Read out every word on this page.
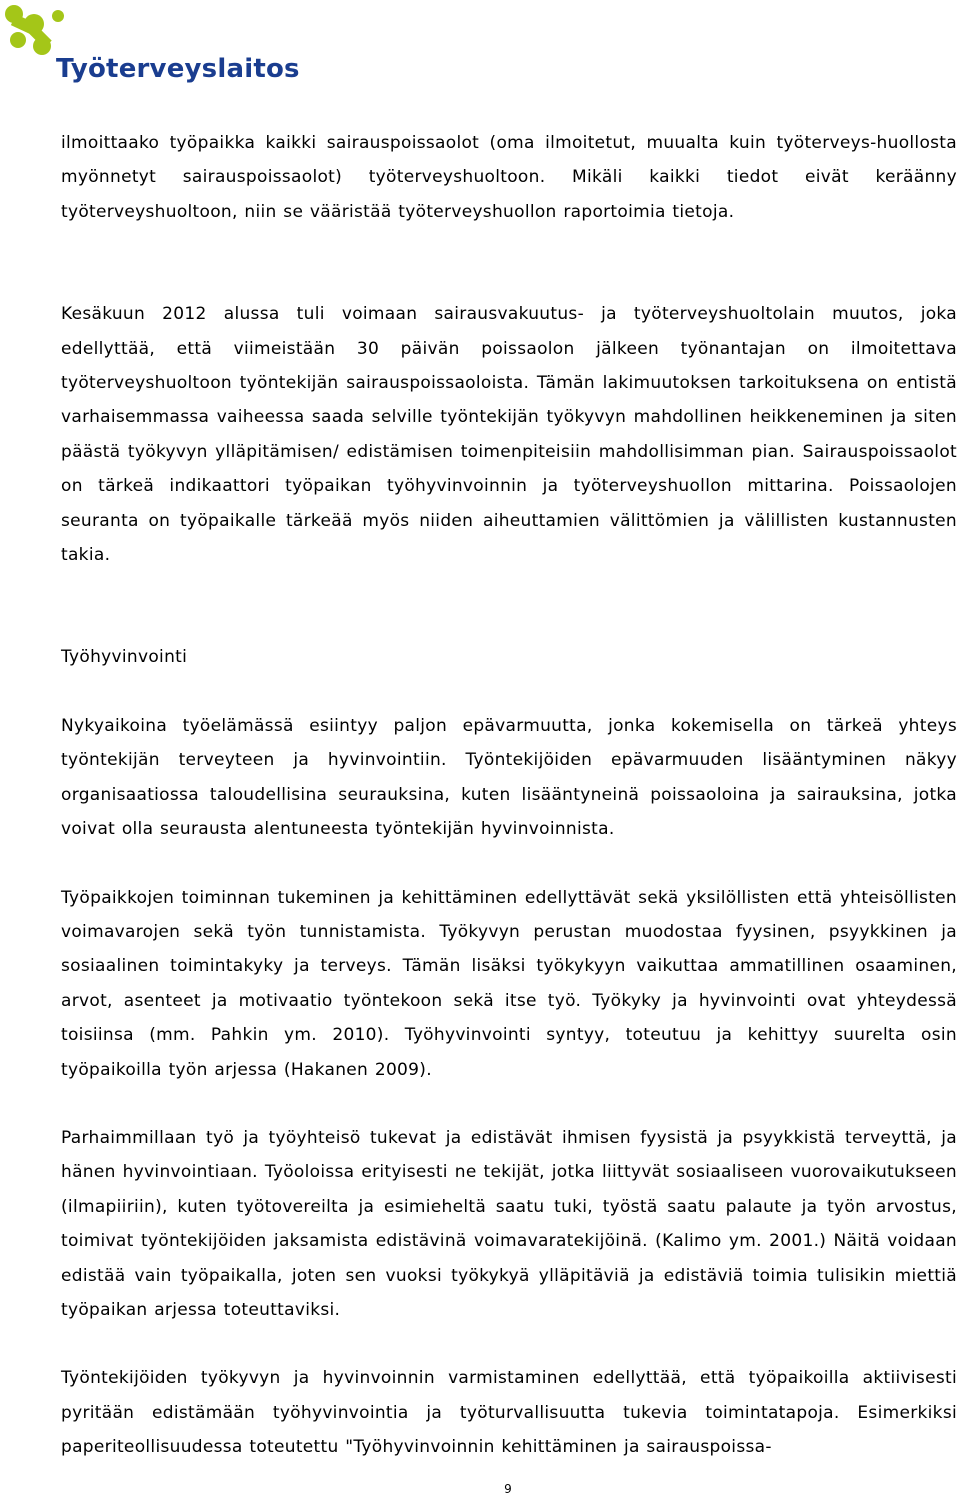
Työterveyslaitos

ilmoittaako työpaikka kaikki sairauspoissaolot (oma ilmoitetut, muualta kuin työterveys-huollosta myönnetyt sairauspoissaolot) työterveyshuoltoon. Mikäli kaikki tiedot eivät keräänny työterveyshuoltoon, niin se vääristää työterveyshuollon raportoimia tietoja.

Kesäkuun 2012 alussa tuli voimaan sairausvakuutus- ja työterveyshuoltolain muutos, joka edellyttää, että viimeistään 30 päivän poissaolon jälkeen työnantajan on ilmoitettava työterveyshuoltoon työntekijän sairauspoissaoloista. Tämän lakimuutoksen tarkoituksena on entistä varhaisemmassa vaiheessa saada selville työntekijän työkyvyn mahdollinen heikkeneminen ja siten päästä työkyvyn ylläpitämisen/ edistämisen toimenpiteisiin mahdollisimman pian. Sairauspoissaolot on tärkeä indikaattori työpaikan työhyvinvoinnin ja työterveyshuollon mittarina. Poissaolojen seuranta on työpaikalle tärkeää myös niiden aiheuttamien välittömien ja välillisten kustannusten takia.

Työhyvinvointi

Nykyaikoina työelämässä esiintyy paljon epävarmuutta, jonka kokemisella on tärkeä yhteys työntekijän terveyteen ja hyvinvointiin. Työntekijöiden epävarmuuden lisääntyminen näkyy organisaatiossa taloudellisina seurauksina, kuten lisääntyneinä poissaoloina ja sairauksina, jotka voivat olla seurausta alentuneesta työntekijän hyvinvoinnista.

Työpaikkojen toiminnan tukeminen ja kehittäminen edellyttävät sekä yksilöllisten että yhteisöllisten voimavarojen sekä työn tunnistamista. Työkyvyn perustan muodostaa fyysinen, psyykkinen ja sosiaalinen toimintakyky ja terveys. Tämän lisäksi työkykyyn vaikuttaa ammatillinen osaaminen, arvot, asenteet ja motivaatio työntekoon sekä itse työ. Työkyky ja hyvinvointi ovat yhteydessä toisiinsa (mm. Pahkin ym. 2010). Työhyvinvointi syntyy, toteutuu ja kehittyy suurelta osin työpaikoilla työn arjessa (Hakanen 2009).

Parhaimmillaan työ ja työyhteisö tukevat ja edistävät ihmisen fyysistä ja psyykkistä terveyttä, ja hänen hyvinvointiaan. Työoloissa erityisesti ne tekijät, jotka liittyvät sosiaaliseen vuorovaikutukseen (ilmapiiriin), kuten työtovereilta ja esimieheltä saatu tuki, työstä saatu palaute ja työn arvostus, toimivat työntekijöiden jaksamista edistävinä voimavaratekijöinä. (Kalimo ym. 2001.) Näitä voidaan edistää vain työpaikalla, joten sen vuoksi työkykyä ylläpitäviä ja edistäviä toimia tulisikin miettiä työpaikan arjessa toteuttaviksi.

Työntekijöiden työkyvyn ja hyvinvoinnin varmistaminen edellyttää, että työpaikoilla aktiivisesti pyritään edistämään työhyvinvointia ja työturvallisuutta tukevia toimintatapoja. Esimerkiksi paperiteollisuudessa toteutettu "Työhyvinvoinnin kehittäminen ja sairauspoissa-

9
